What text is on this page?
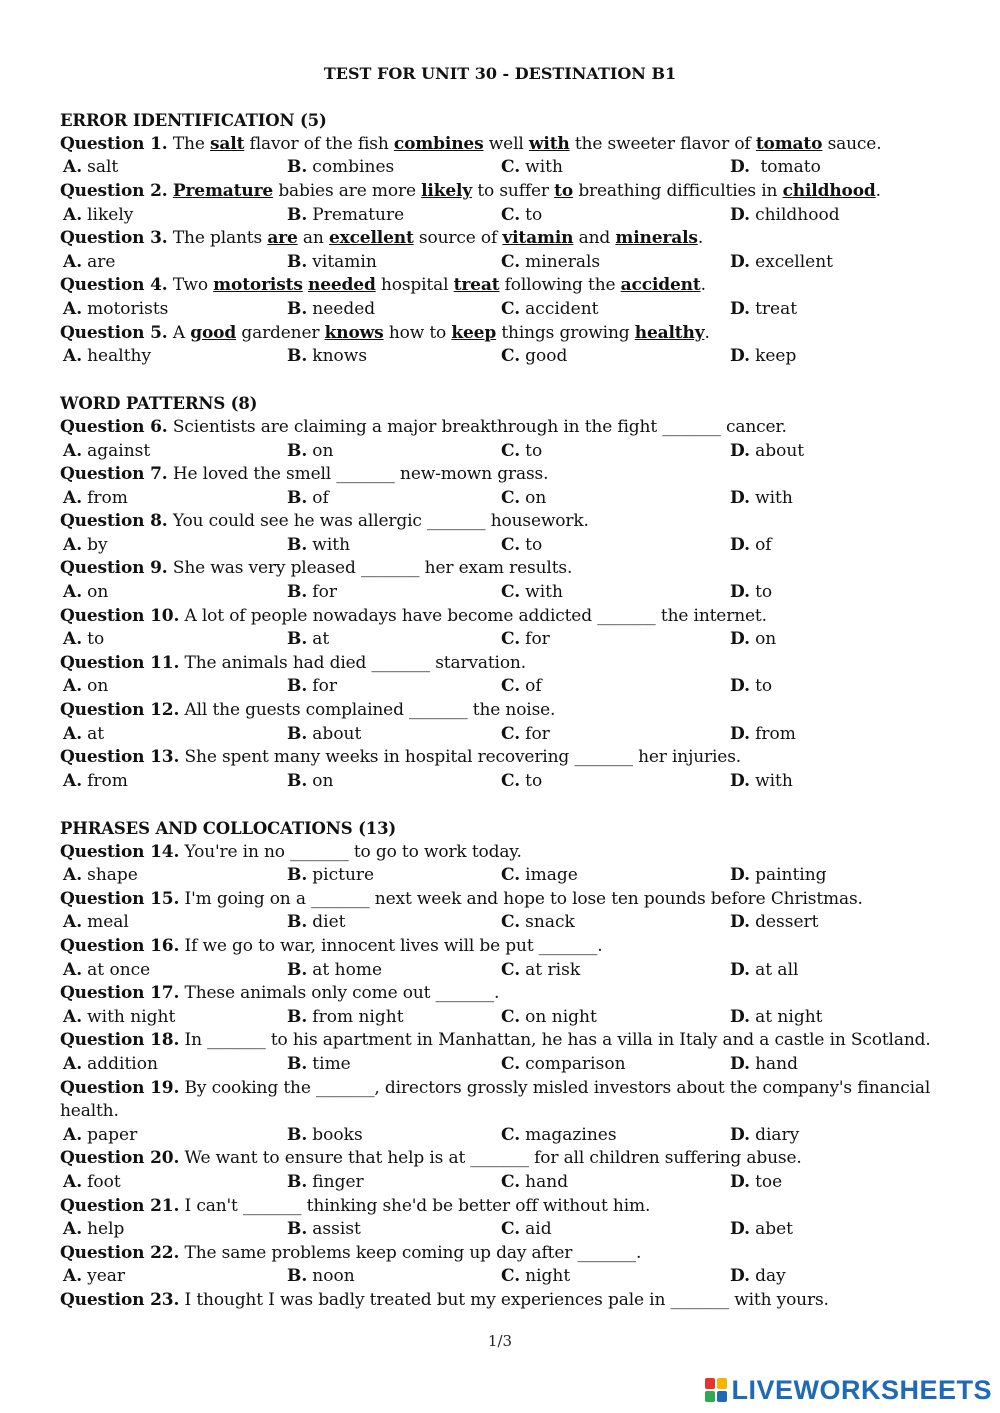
TEST FOR UNIT 30 - DESTINATION B1
ERROR IDENTIFICATION (5)
Question 1. The salt flavor of the fish combines well with the sweeter flavor of tomato sauce.
A. salt	B. combines	C. with	D. tomato
Question 2. Premature babies are more likely to suffer to breathing difficulties in childhood.
A. likely	B. Premature	C. to	D. childhood
Question 3. The plants are an excellent source of vitamin and minerals.
A. are	B. vitamin	C. minerals	D. excellent
Question 4. Two motorists needed hospital treat following the accident.
A. motorists	B. needed	C. accident	D. treat
Question 5. A good gardener knows how to keep things growing healthy.
A. healthy	B. knows	C. good	D. keep
WORD PATTERNS (8)
Question 6. Scientists are claiming a major breakthrough in the fight _______ cancer.
A. against	B. on	C. to	D. about
Question 7. He loved the smell _______ new-mown grass.
A. from	B. of	C. on	D. with
Question 8. You could see he was allergic _______ housework.
A. by	B. with	C. to	D. of
Question 9. She was very pleased _______ her exam results.
A. on	B. for	C. with	D. to
Question 10. A lot of people nowadays have become addicted _______ the internet.
A. to	B. at	C. for	D. on
Question 11. The animals had died _______ starvation.
A. on	B. for	C. of	D. to
Question 12. All the guests complained _______ the noise.
A. at	B. about	C. for	D. from
Question 13. She spent many weeks in hospital recovering _______ her injuries.
A. from	B. on	C. to	D. with
PHRASES AND COLLOCATIONS (13)
Question 14. You're in no _______ to go to work today.
A. shape	B. picture	C. image	D. painting
Question 15. I'm going on a _______ next week and hope to lose ten pounds before Christmas.
A. meal	B. diet	C. snack	D. dessert
Question 16. If we go to war, innocent lives will be put _______.
A. at once	B. at home	C. at risk	D. at all
Question 17. These animals only come out _______.
A. with night	B. from night	C. on night	D. at night
Question 18. In _______ to his apartment in Manhattan, he has a villa in Italy and a castle in Scotland.
A. addition	B. time	C. comparison	D. hand
Question 19. By cooking the _______, directors grossly misled investors about the company's financial health.
A. paper	B. books	C. magazines	D. diary
Question 20. We want to ensure that help is at _______ for all children suffering abuse.
A. foot	B. finger	C. hand	D. toe
Question 21. I can't _______ thinking she'd be better off without him.
A. help	B. assist	C. aid	D. abet
Question 22. The same problems keep coming up day after _______.
A. year	B. noon	C. night	D. day
Question 23. I thought I was badly treated but my experiences pale in _______ with yours.
1/3
LIVEWORKSHEETS
